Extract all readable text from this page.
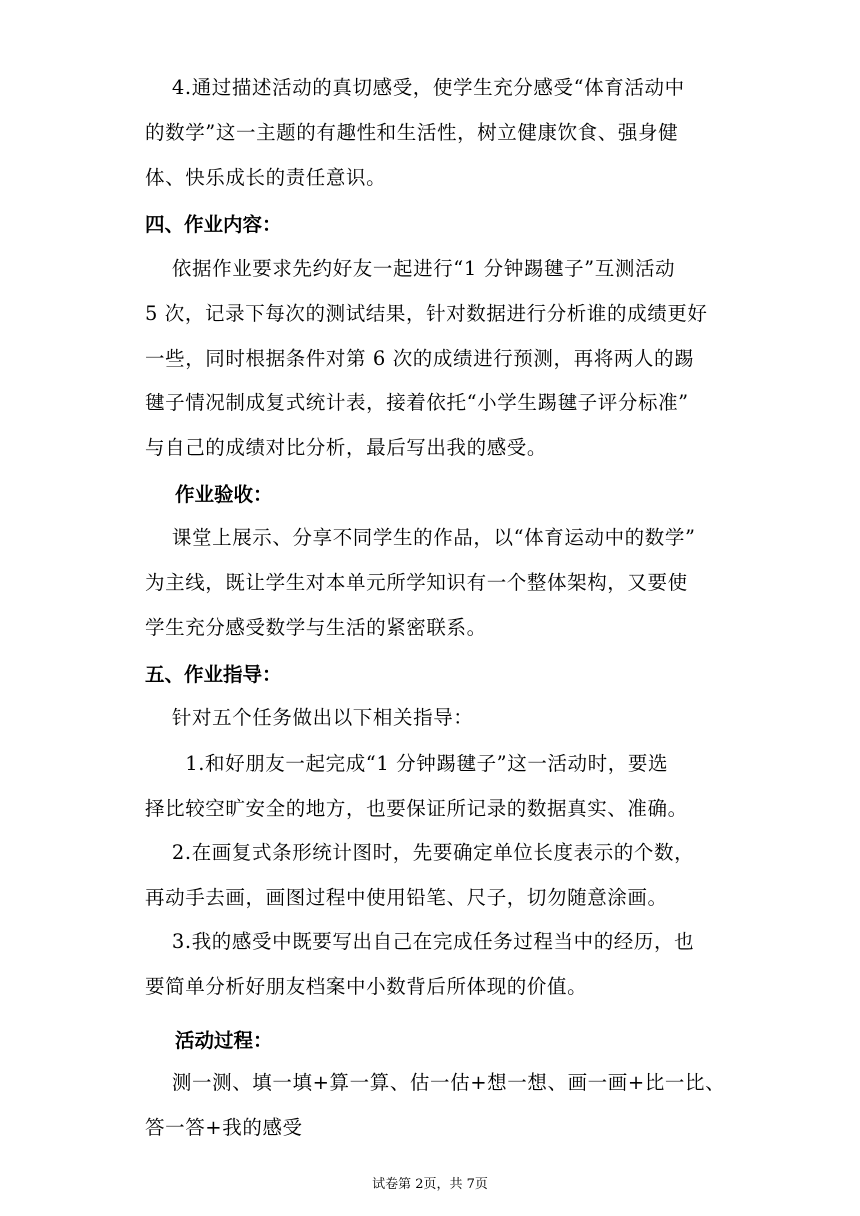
　 4.通过描述活动的真切感受，使学生充分感受“体育活动中
的数学”这一主题的有趣性和生活性，树立健康饮食、强身健
体、快乐成长的责任意识。
四、作业内容：
　 依据作业要求先约好友一起进行“1 分钟踢毽子”互测活动
5 次，记录下每次的测试结果，针对数据进行分析谁的成绩更好
一些，同时根据条件对第 6 次的成绩进行预测，再将两人的踢
毽子情况制成复式统计表，接着依托“小学生踢毽子评分标准”
与自己的成绩对比分析，最后写出我的感受。
作业验收：
　 课堂上展示、分享不同学生的作品，以“体育运动中的数学”
为主线，既让学生对本单元所学知识有一个整体架构，又要使
学生充分感受数学与生活的紧密联系。
五、作业指导：
　 针对五个任务做出以下相关指导：
　　1.和好朋友一起完成“1 分钟踢毽子”这一活动时，要选
择比较空旷安全的地方，也要保证所记录的数据真实、准确。
　 2.在画复式条形统计图时，先要确定单位长度表示的个数，
再动手去画，画图过程中使用铅笔、尺子，切勿随意涂画。
　 3.我的感受中既要写出自己在完成任务过程当中的经历，也
要简单分析好朋友档案中小数背后所体现的价值。
活动过程：
　 测一测、填一填+算一算、估一估+想一想、画一画+比一比、
答一答+我的感受
试卷第 2页，共 7页
